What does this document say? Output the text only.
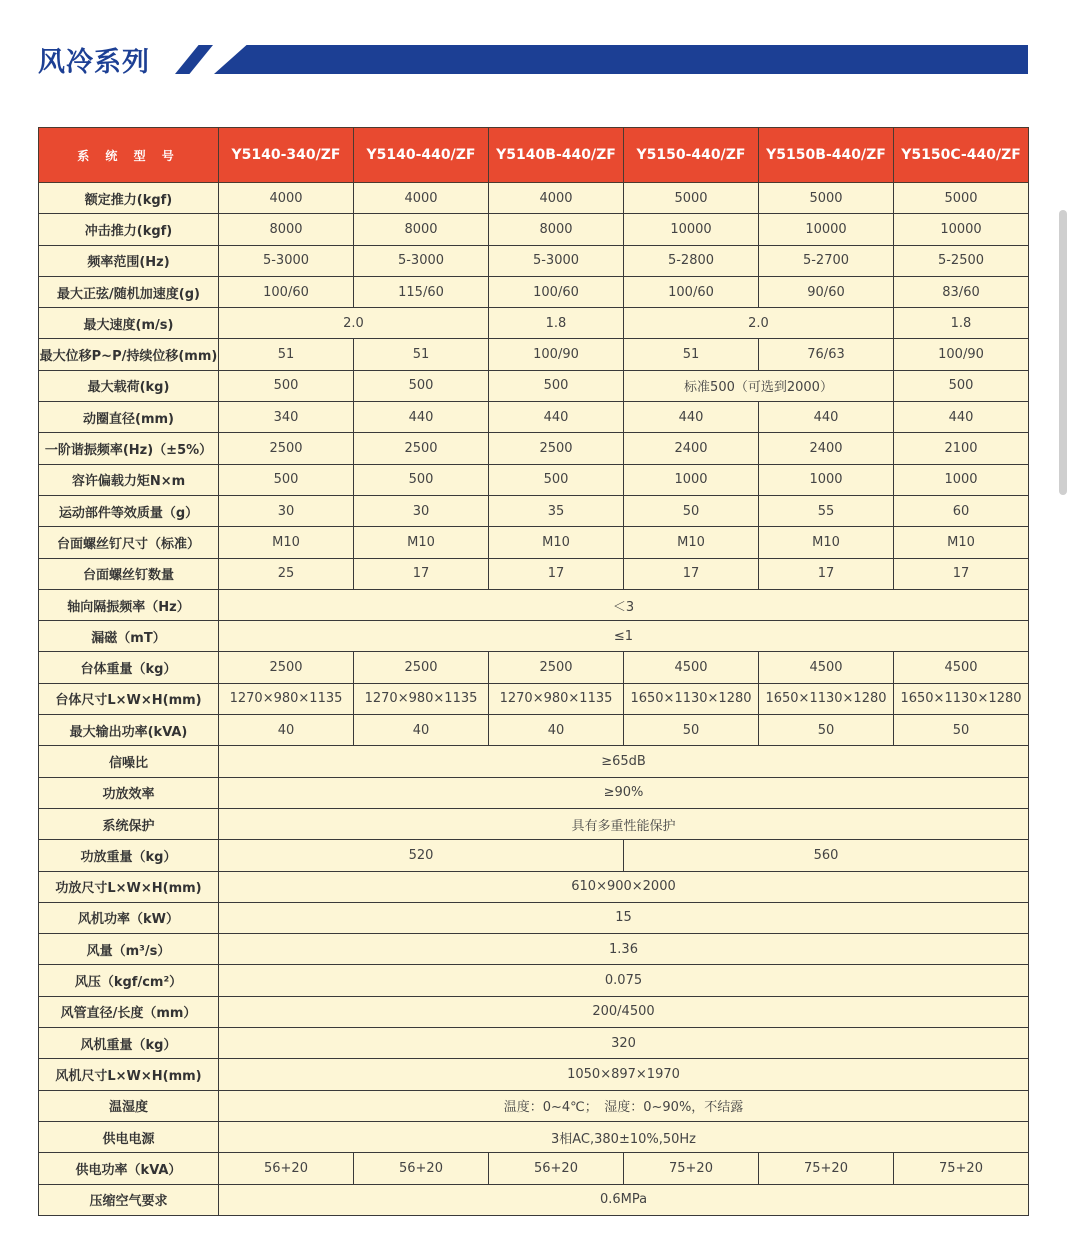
风冷系列
系 统 型 号	Y5140-340/ZF	Y5140-440/ZF	Y5140B-440/ZF	Y5150-440/ZF	Y5150B-440/ZF	Y5150C-440/ZF
额定推力(kgf)	4000	4000	4000	5000	5000	5000
冲击推力(kgf)	8000	8000	8000	10000	10000	10000
频率范围(Hz)	5-3000	5-3000	5-3000	5-2800	5-2700	5-2500
最大正弦/随机加速度(g)	100/60	115/60	100/60	100/60	90/60	83/60
最大速度(m/s)	2.0		1.8	2.0		1.8
最大位移P~P/持续位移(mm)	51	51	100/90	51	76/63	100/90
最大载荷(kg)	500	500	500	标准500（可选到2000）		500
动圈直径(mm)	340	440	440	440	440	440
一阶谐振频率(Hz)（±5%）	2500	2500	2500	2400	2400	2100
容许偏载力矩N×m	500	500	500	1000	1000	1000
运动部件等效质量（g）	30	30	35	50	55	60
台面螺丝钉尺寸（标准）	M10	M10	M10	M10	M10	M10
台面螺丝钉数量	25	17	17	17	17	17
轴向隔振频率（Hz）	＜3					
漏磁（mT）	≤1					
台体重量（kg）	2500	2500	2500	4500	4500	4500
台体尺寸L×W×H(mm)	1270×980×1135	1270×980×1135	1270×980×1135	1650×1130×1280	1650×1130×1280	1650×1130×1280
最大输出功率(kVA)	40	40	40	50	50	50
信噪比	≥65dB					
功放效率	≥90%					
系统保护	具有多重性能保护					
功放重量（kg）	520			560		
功放尺寸L×W×H(mm)	610×900×2000					
风机功率（kW）	15					
风量（m³/s）	1.36					
风压（kgf/cm²）	0.075					
风管直径/长度（mm）	200/4500					
风机重量（kg）	320					
风机尺寸L×W×H(mm)	1050×897×1970					
温湿度	温度：0~4℃；　湿度：0~90%，不结露					
供电电源	3相AC,380±10%,50Hz					
供电功率（kVA）	56+20	56+20	56+20	75+20	75+20	75+20
压缩空气要求	0.6MPa					
